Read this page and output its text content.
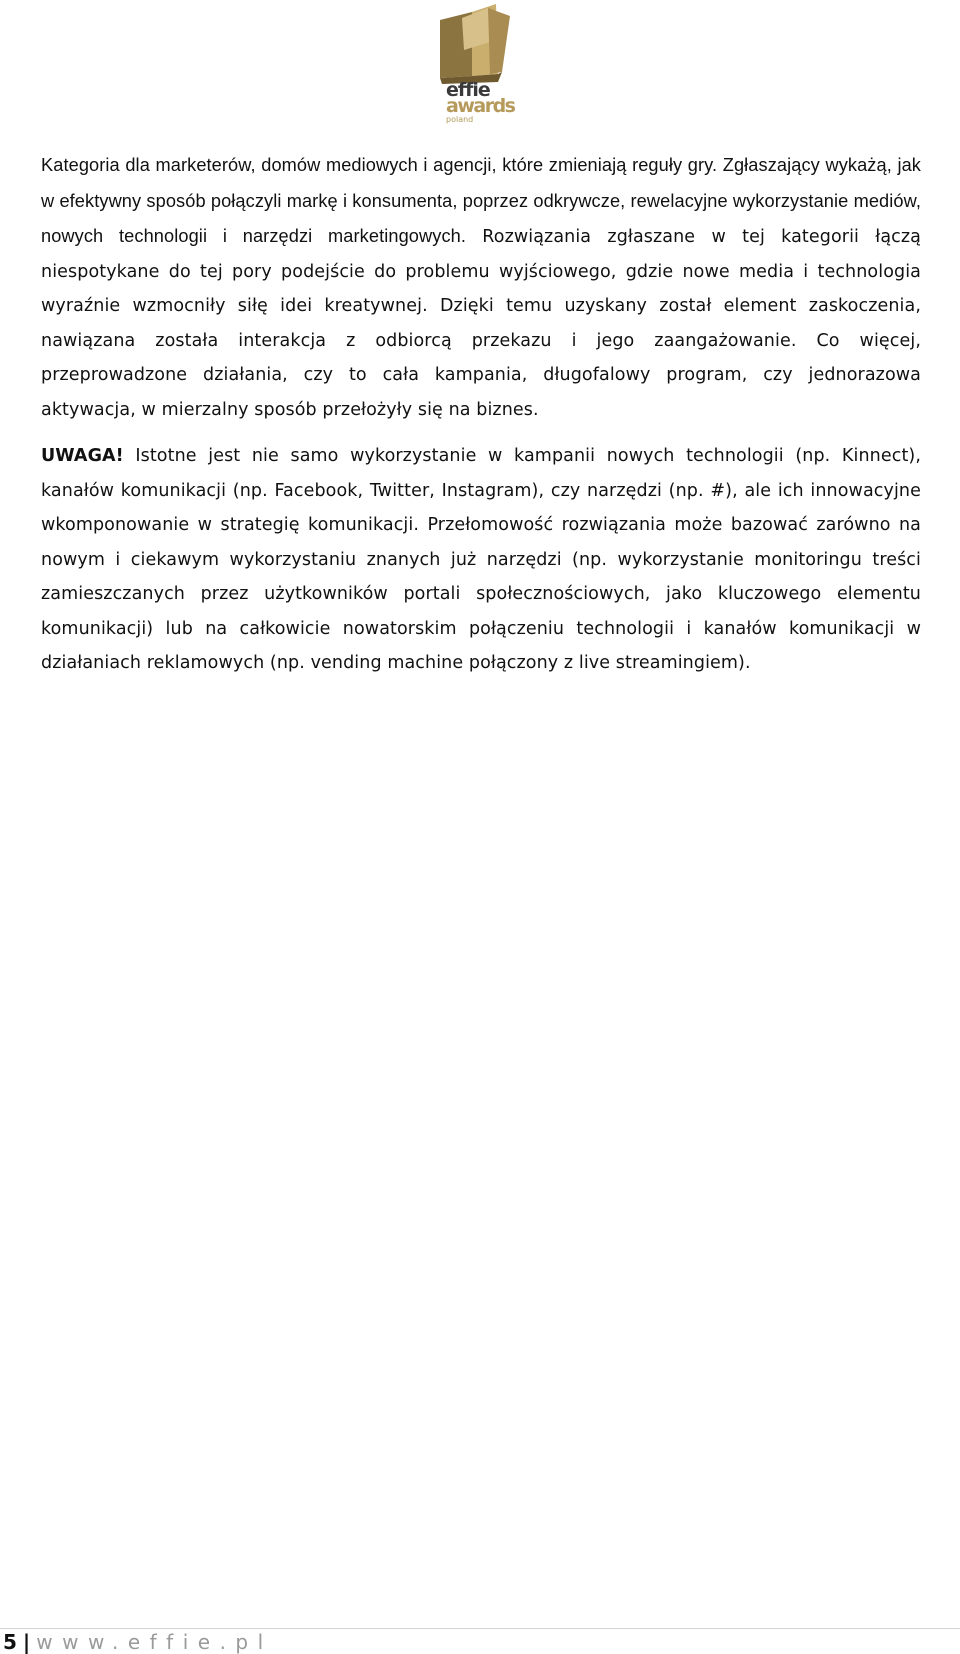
effie
awards
poland

Kategoria dla marketerów, domów mediowych i agencji, które zmieniają reguły gry. Zgłaszający wykażą, jak w efektywny sposób połączyli markę i konsumenta, poprzez odkrywcze, rewelacyjne wykorzystanie mediów, nowych technologii i narzędzi marketingowych. Rozwiązania zgłaszane w tej kategorii łączą niespotykane do tej pory podejście do problemu wyjściowego, gdzie nowe media i technologia wyraźnie wzmocniły siłę idei kreatywnej. Dzięki temu uzyskany został element zaskoczenia, nawiązana została interakcja z odbiorcą przekazu i jego zaangażowanie. Co więcej, przeprowadzone działania, czy to cała kampania, długofalowy program, czy jednorazowa aktywacja, w mierzalny sposób przełożyły się na biznes.

UWAGA! Istotne jest nie samo wykorzystanie w kampanii nowych technologii (np. Kinnect), kanałów komunikacji (np. Facebook, Twitter, Instagram), czy narzędzi (np. #), ale ich innowacyjne wkomponowanie w strategię komunikacji. Przełomowość rozwiązania może bazować zarówno na nowym i ciekawym wykorzystaniu znanych już narzędzi (np. wykorzystanie monitoringu treści zamieszczanych przez użytkowników portali społecznościowych, jako kluczowego elementu komunikacji) lub na całkowicie nowatorskim połączeniu technologii i kanałów komunikacji w działaniach reklamowych (np. vending machine połączony z live streamingiem).

5 | www.effie.pl
